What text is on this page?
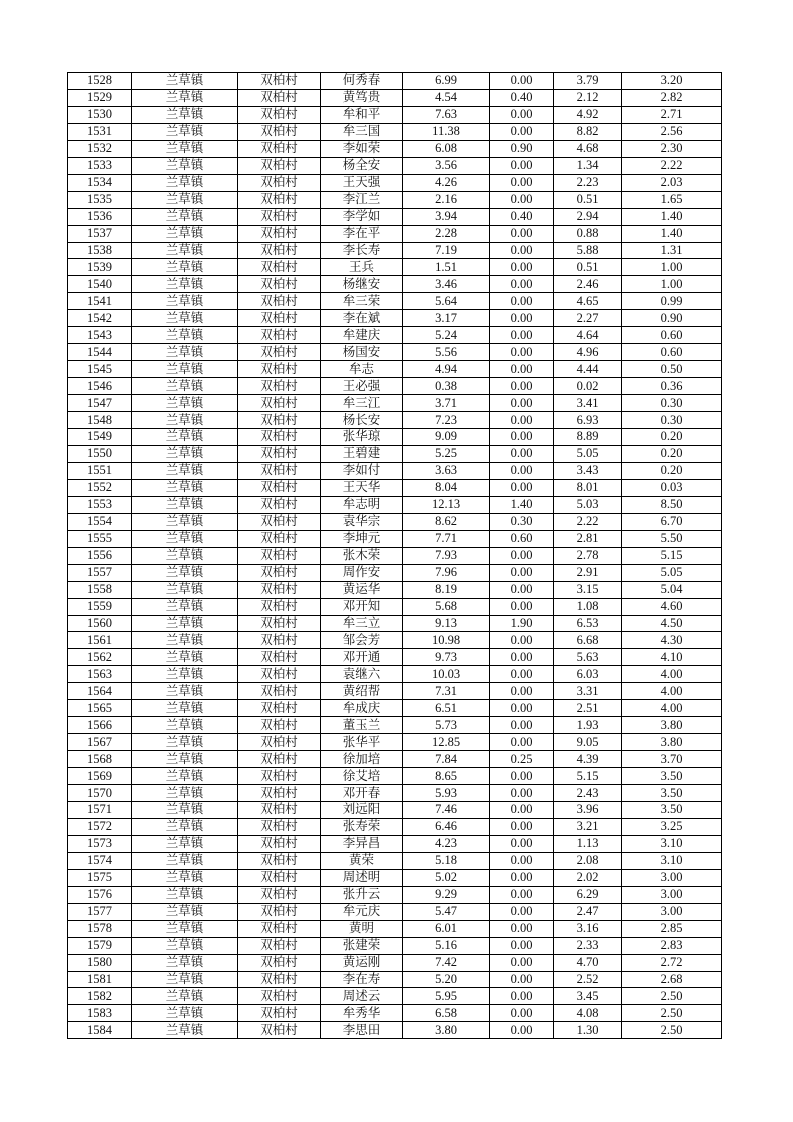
1528	兰草镇	双柏村	何秀春	6.99	0.00	3.79	3.20
1529	兰草镇	双柏村	黄笃贵	4.54	0.40	2.12	2.82
1530	兰草镇	双柏村	牟和平	7.63	0.00	4.92	2.71
1531	兰草镇	双柏村	牟三国	11.38	0.00	8.82	2.56
1532	兰草镇	双柏村	李如荣	6.08	0.90	4.68	2.30
1533	兰草镇	双柏村	杨全安	3.56	0.00	1.34	2.22
1534	兰草镇	双柏村	王天强	4.26	0.00	2.23	2.03
1535	兰草镇	双柏村	李江兰	2.16	0.00	0.51	1.65
1536	兰草镇	双柏村	李学如	3.94	0.40	2.94	1.40
1537	兰草镇	双柏村	李在平	2.28	0.00	0.88	1.40
1538	兰草镇	双柏村	李长寿	7.19	0.00	5.88	1.31
1539	兰草镇	双柏村	王兵	1.51	0.00	0.51	1.00
1540	兰草镇	双柏村	杨继安	3.46	0.00	2.46	1.00
1541	兰草镇	双柏村	牟三荣	5.64	0.00	4.65	0.99
1542	兰草镇	双柏村	李在斌	3.17	0.00	2.27	0.90
1543	兰草镇	双柏村	牟建庆	5.24	0.00	4.64	0.60
1544	兰草镇	双柏村	杨国安	5.56	0.00	4.96	0.60
1545	兰草镇	双柏村	牟志	4.94	0.00	4.44	0.50
1546	兰草镇	双柏村	王必强	0.38	0.00	0.02	0.36
1547	兰草镇	双柏村	牟三江	3.71	0.00	3.41	0.30
1548	兰草镇	双柏村	杨长安	7.23	0.00	6.93	0.30
1549	兰草镇	双柏村	张华琼	9.09	0.00	8.89	0.20
1550	兰草镇	双柏村	王碧建	5.25	0.00	5.05	0.20
1551	兰草镇	双柏村	李如付	3.63	0.00	3.43	0.20
1552	兰草镇	双柏村	王天华	8.04	0.00	8.01	0.03
1553	兰草镇	双柏村	牟志明	12.13	1.40	5.03	8.50
1554	兰草镇	双柏村	袁华宗	8.62	0.30	2.22	6.70
1555	兰草镇	双柏村	李坤元	7.71	0.60	2.81	5.50
1556	兰草镇	双柏村	张木荣	7.93	0.00	2.78	5.15
1557	兰草镇	双柏村	周作安	7.96	0.00	2.91	5.05
1558	兰草镇	双柏村	黄运华	8.19	0.00	3.15	5.04
1559	兰草镇	双柏村	邓开知	5.68	0.00	1.08	4.60
1560	兰草镇	双柏村	牟三立	9.13	1.90	6.53	4.50
1561	兰草镇	双柏村	邹会芳	10.98	0.00	6.68	4.30
1562	兰草镇	双柏村	邓开通	9.73	0.00	5.63	4.10
1563	兰草镇	双柏村	袁继六	10.03	0.00	6.03	4.00
1564	兰草镇	双柏村	黄绍帮	7.31	0.00	3.31	4.00
1565	兰草镇	双柏村	牟成庆	6.51	0.00	2.51	4.00
1566	兰草镇	双柏村	董玉兰	5.73	0.00	1.93	3.80
1567	兰草镇	双柏村	张华平	12.85	0.00	9.05	3.80
1568	兰草镇	双柏村	徐加培	7.84	0.25	4.39	3.70
1569	兰草镇	双柏村	徐艾培	8.65	0.00	5.15	3.50
1570	兰草镇	双柏村	邓开春	5.93	0.00	2.43	3.50
1571	兰草镇	双柏村	刘远阳	7.46	0.00	3.96	3.50
1572	兰草镇	双柏村	张寿荣	6.46	0.00	3.21	3.25
1573	兰草镇	双柏村	李异昌	4.23	0.00	1.13	3.10
1574	兰草镇	双柏村	黄荣	5.18	0.00	2.08	3.10
1575	兰草镇	双柏村	周述明	5.02	0.00	2.02	3.00
1576	兰草镇	双柏村	张升云	9.29	0.00	6.29	3.00
1577	兰草镇	双柏村	牟元庆	5.47	0.00	2.47	3.00
1578	兰草镇	双柏村	黄明	6.01	0.00	3.16	2.85
1579	兰草镇	双柏村	张建荣	5.16	0.00	2.33	2.83
1580	兰草镇	双柏村	黄运刚	7.42	0.00	4.70	2.72
1581	兰草镇	双柏村	李在寿	5.20	0.00	2.52	2.68
1582	兰草镇	双柏村	周述云	5.95	0.00	3.45	2.50
1583	兰草镇	双柏村	牟秀华	6.58	0.00	4.08	2.50
1584	兰草镇	双柏村	李思田	3.80	0.00	1.30	2.50
